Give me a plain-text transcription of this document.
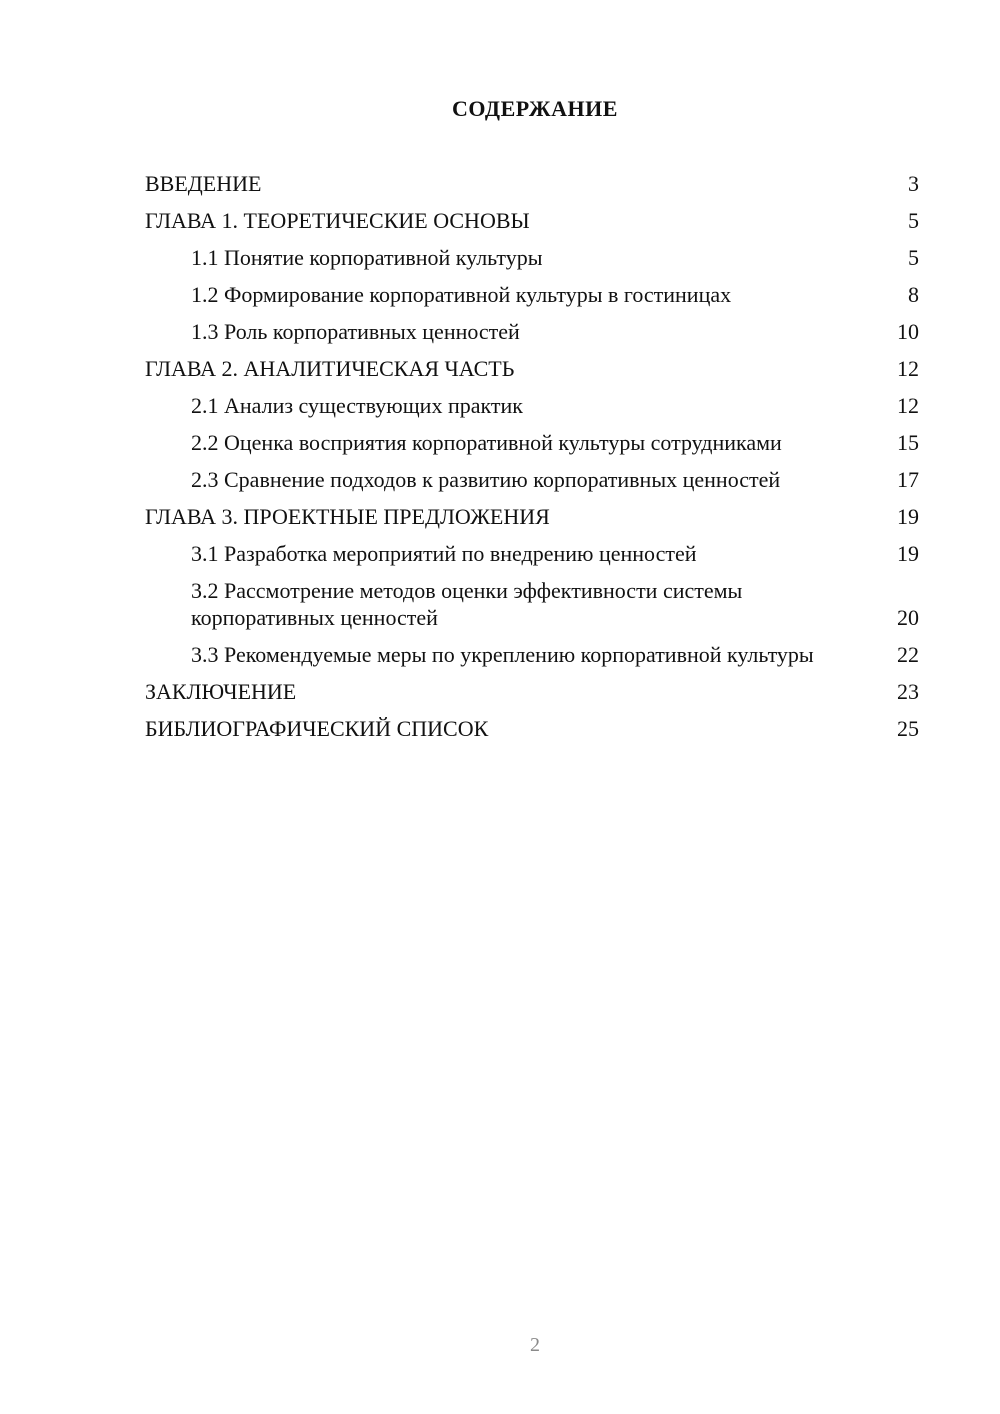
СОДЕРЖАНИЕ
ВВЕДЕНИЕ	3
ГЛАВА 1. ТЕОРЕТИЧЕСКИЕ ОСНОВЫ	5
1.1 Понятие корпоративной культуры	5
1.2 Формирование корпоративной культуры в гостиницах	8
1.3 Роль корпоративных ценностей	10
ГЛАВА 2. АНАЛИТИЧЕСКАЯ ЧАСТЬ	12
2.1 Анализ существующих практик	12
2.2 Оценка восприятия корпоративной культуры сотрудниками	15
2.3 Сравнение подходов к развитию корпоративных ценностей	17
ГЛАВА 3. ПРОЕКТНЫЕ ПРЕДЛОЖЕНИЯ	19
3.1 Разработка мероприятий по внедрению ценностей	19
3.2 Рассмотрение методов оценки эффективности системы корпоративных ценностей	20
3.3 Рекомендуемые меры по укреплению корпоративной культуры	22
ЗАКЛЮЧЕНИЕ	23
БИБЛИОГРАФИЧЕСКИЙ СПИСОК	25
2
